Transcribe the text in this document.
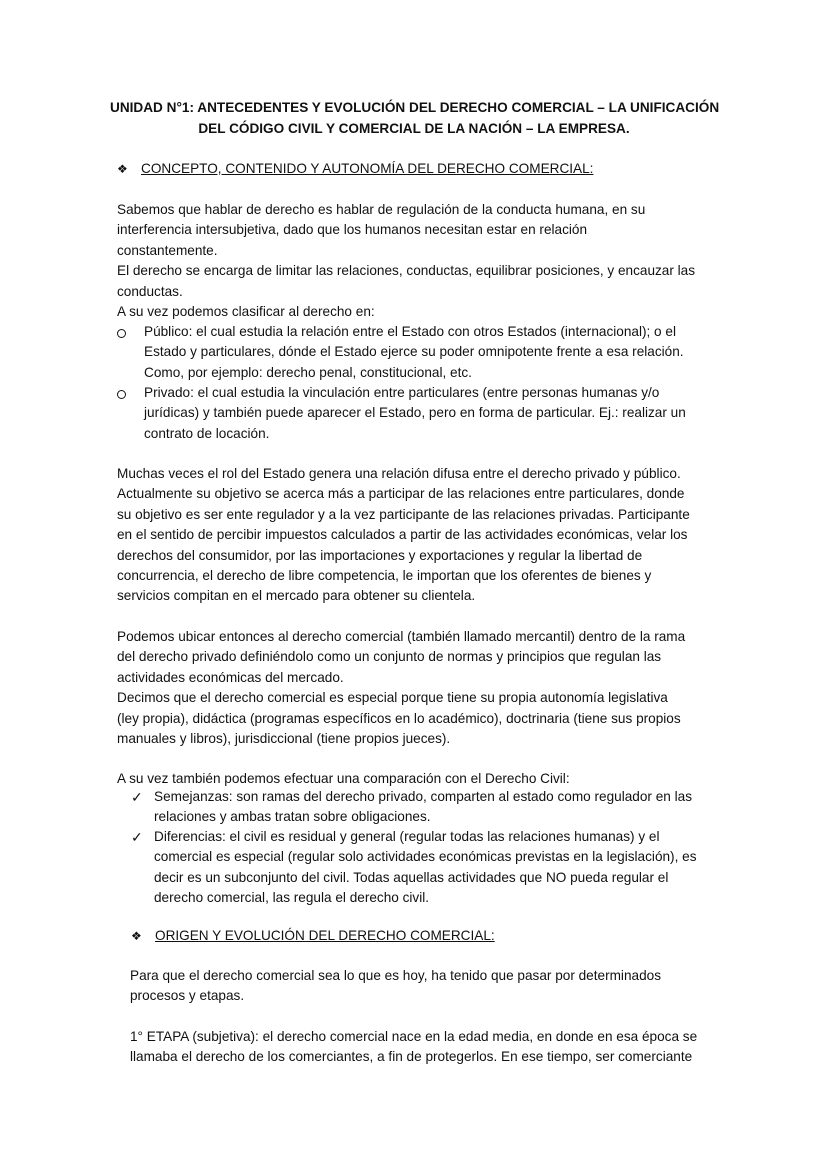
UNIDAD N°1: ANTECEDENTES Y EVOLUCIÓN DEL DERECHO COMERCIAL – LA UNIFICACIÓN
DEL CÓDIGO CIVIL Y COMERCIAL DE LA NACIÓN – LA EMPRESA.
❖ CONCEPTO, CONTENIDO Y AUTONOMÍA DEL DERECHO COMERCIAL:
Sabemos que hablar de derecho es hablar de regulación de la conducta humana, en su
interferencia intersubjetiva, dado que los humanos necesitan estar en relación
constantemente.
El derecho se encarga de limitar las relaciones, conductas, equilibrar posiciones, y encauzar las
conductas.
A su vez podemos clasificar al derecho en:
Público: el cual estudia la relación entre el Estado con otros Estados (internacional); o el
Estado y particulares, dónde el Estado ejerce su poder omnipotente frente a esa relación.
Como, por ejemplo: derecho penal, constitucional, etc.
Privado: el cual estudia la vinculación entre particulares (entre personas humanas y/o
jurídicas) y también puede aparecer el Estado, pero en forma de particular. Ej.: realizar un
contrato de locación.
Muchas veces el rol del Estado genera una relación difusa entre el derecho privado y público.
Actualmente su objetivo se acerca más a participar de las relaciones entre particulares, donde
su objetivo es ser ente regulador y a la vez participante de las relaciones privadas. Participante
en el sentido de percibir impuestos calculados a partir de las actividades económicas, velar los
derechos del consumidor, por las importaciones y exportaciones y regular la libertad de
concurrencia, el derecho de libre competencia, le importan que los oferentes de bienes y
servicios compitan en el mercado para obtener su clientela.
Podemos ubicar entonces al derecho comercial (también llamado mercantil) dentro de la rama
del derecho privado definiéndolo como un conjunto de normas y principios que regulan las
actividades económicas del mercado.
Decimos que el derecho comercial es especial porque tiene su propia autonomía legislativa
(ley propia), didáctica (programas específicos en lo académico), doctrinaria (tiene sus propios
manuales y libros), jurisdiccional (tiene propios jueces).
A su vez también podemos efectuar una comparación con el Derecho Civil:
✓ Semejanzas: son ramas del derecho privado, comparten al estado como regulador en las
relaciones y ambas tratan sobre obligaciones.
✓ Diferencias: el civil es residual y general (regular todas las relaciones humanas) y el
comercial es especial (regular solo actividades económicas previstas en la legislación), es
decir es un subconjunto del civil. Todas aquellas actividades que NO pueda regular el
derecho comercial, las regula el derecho civil.
❖ ORIGEN Y EVOLUCIÓN DEL DERECHO COMERCIAL:
Para que el derecho comercial sea lo que es hoy, ha tenido que pasar por determinados
procesos y etapas.
1° ETAPA (subjetiva): el derecho comercial nace en la edad media, en donde en esa época se
llamaba el derecho de los comerciantes, a fin de protegerlos. En ese tiempo, ser comerciante
